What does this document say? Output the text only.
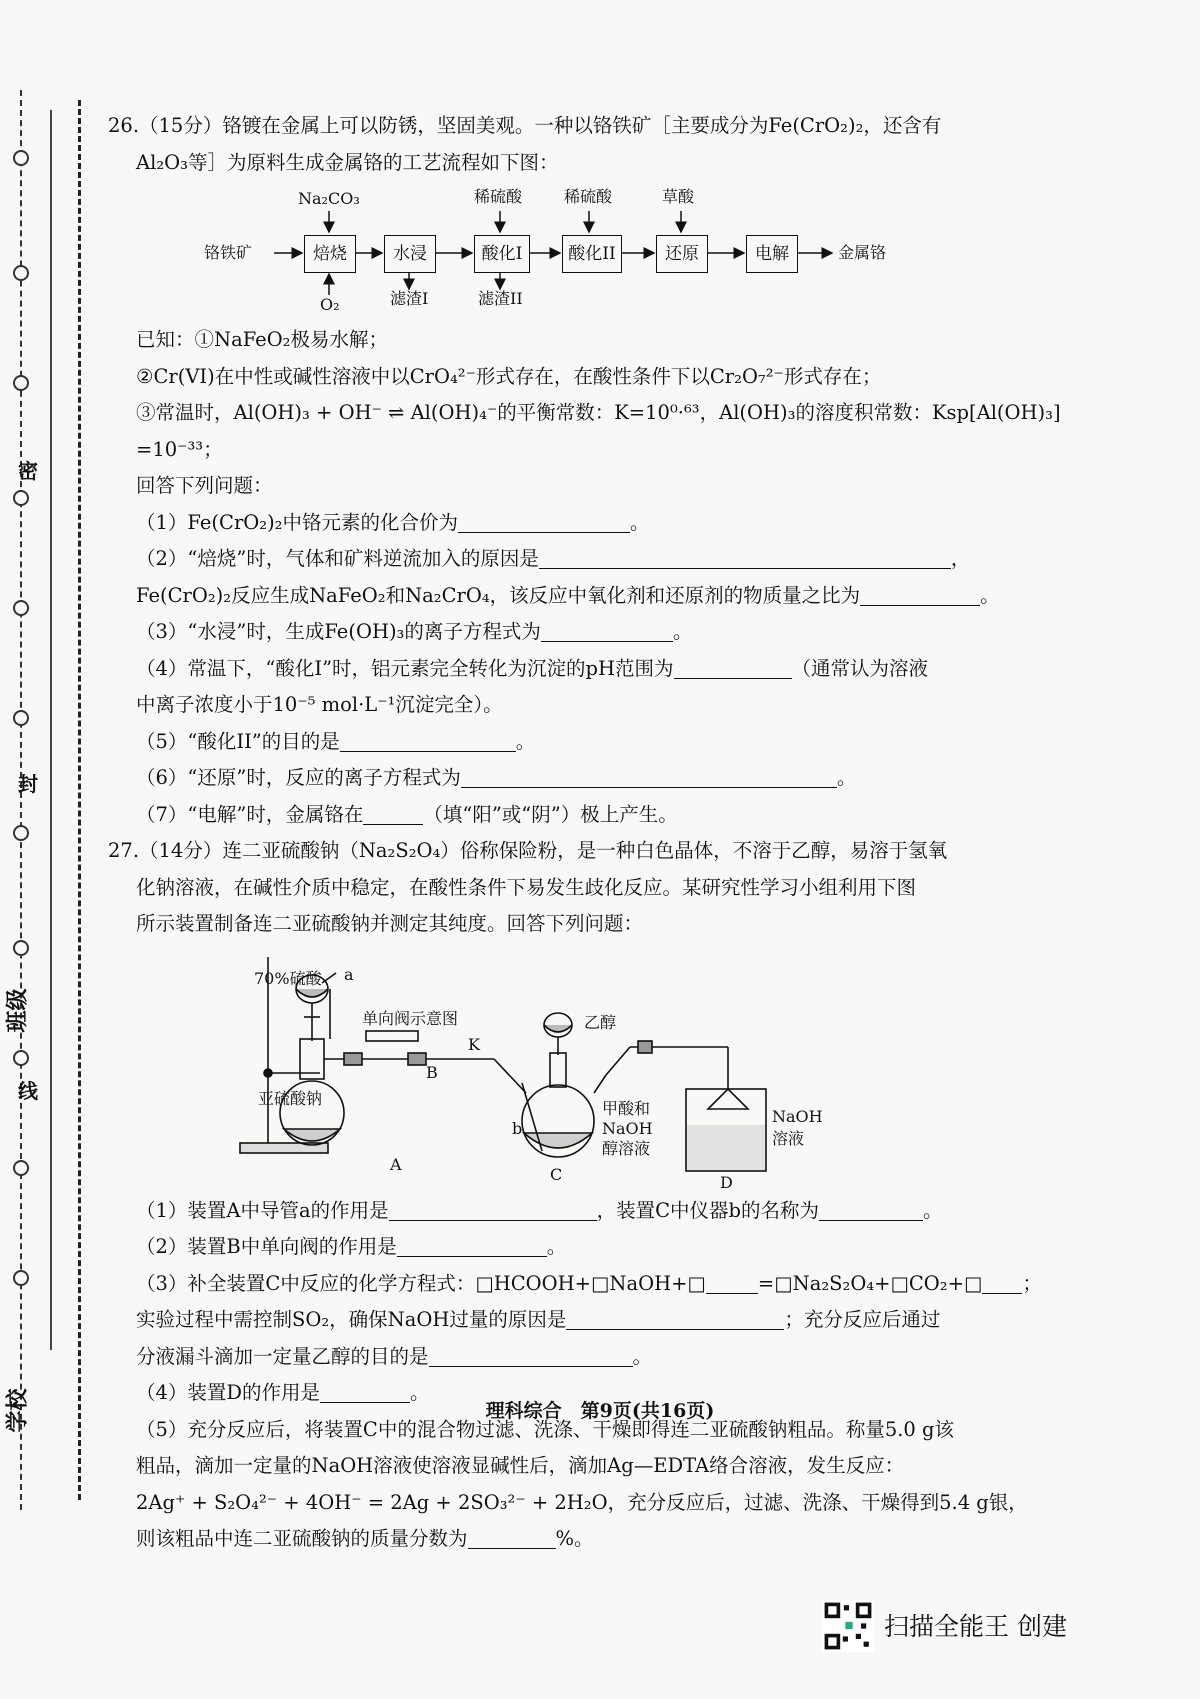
密
封
线
班级
学校
26.（15分）铬镀在金属上可以防锈，坚固美观。一种以铬铁矿［主要成分为Fe(CrO₂)₂，还含有
Al₂O₃等］为原料生成金属铬的工艺流程如下图：
铬铁矿	焙烧	水浸	酸化I	酸化II	还原	电解	金属铬
Na₂CO₃	稀硫酸	稀硫酸	草酸
O₂	滤渣I	滤渣II
已知：①NaFeO₂极易水解；
②Cr(VI)在中性或碱性溶液中以CrO₄²⁻形式存在，在酸性条件下以Cr₂O₇²⁻形式存在；
③常温时，Al(OH)₃ + OH⁻ ⇌ Al(OH)₄⁻的平衡常数：K=10⁰·⁶³，Al(OH)₃的溶度积常数：Ksp[Al(OH)₃]
=10⁻³³；
回答下列问题：
（1）Fe(CrO₂)₂中铬元素的化合价为	。
（2）“焙烧”时，气体和矿料逆流加入的原因是	，
Fe(CrO₂)₂反应生成NaFeO₂和Na₂CrO₄，该反应中氧化剂和还原剂的物质量之比为	。
（3）“水浸”时，生成Fe(OH)₃的离子方程式为	。
（4）常温下，“酸化I”时，铝元素完全转化为沉淀的pH范围为	（通常认为溶液
中离子浓度小于10⁻⁵ mol·L⁻¹沉淀完全）。
（5）“酸化II”的目的是	。
（6）“还原”时，反应的离子方程式为	。
（7）“电解”时，金属铬在	（填“阳”或“阴”）极上产生。
27.（14分）连二亚硫酸钠（Na₂S₂O₄）俗称保险粉，是一种白色晶体，不溶于乙醇，易溶于氢氧
化钠溶液，在碱性介质中稳定，在酸性条件下易发生歧化反应。某研究性学习小组利用下图
所示装置制备连二亚硫酸钠并测定其纯度。回答下列问题：
70%硫酸 a
单向阀示意图
K
B
亚硫酸钠
A
乙醇
b
甲酸和
NaOH
醇溶液
C
NaOH
溶液
D
（1）装置A中导管a的作用是	，装置C中仪器b的名称为	。
（2）装置B中单向阀的作用是	。
（3）补全装置C中反应的化学方程式：□HCOOH+□NaOH+□	=□Na₂S₂O₄+□CO₂+□ ；
实验过程中需控制SO₂，确保NaOH过量的原因是	；充分反应后通过
分液漏斗滴加一定量乙醇的目的是	。
（4）装置D的作用是	。
（5）充分反应后，将装置C中的混合物过滤、洗涤、干燥即得连二亚硫酸钠粗品。称量5.0 g该
粗品，滴加一定量的NaOH溶液使溶液显碱性后，滴加Ag—EDTA络合溶液，发生反应：
2Ag⁺ + S₂O₄²⁻ + 4OH⁻ = 2Ag + 2SO₃²⁻ + 2H₂O，充分反应后，过滤、洗涤、干燥得到5.4 g银，
则该粗品中连二亚硫酸钠的质量分数为	%。
理科综合　第9页(共16页)
扫描全能王 创建
